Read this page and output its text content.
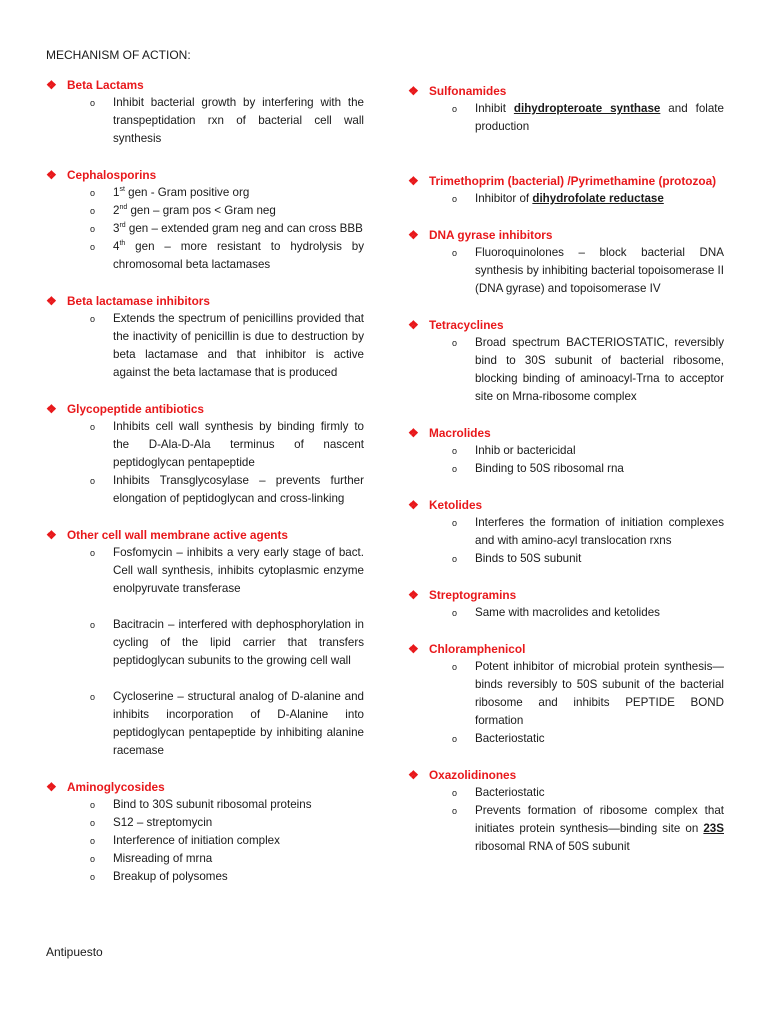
MECHANISM OF ACTION:
❖ Beta Lactams
o	Inhibit bacterial growth by interfering with the transpeptidation rxn of bacterial cell wall synthesis
❖ Cephalosporins
o	1st gen - Gram positive org
o	2nd gen – gram pos < Gram neg
o	3rd gen – extended gram neg and can cross BBB
o	4th gen – more resistant to hydrolysis by chromosomal beta lactamases
❖ Beta lactamase inhibitors
o	Extends the spectrum of penicillins provided that the inactivity of penicillin is due to destruction by beta lactamase and that inhibitor is active against the beta lactamase that is produced
❖ Glycopeptide antibiotics
o	Inhibits cell wall synthesis by binding firmly to the D-Ala-D-Ala terminus of nascent peptidoglycan pentapeptide
o	Inhibits Transglycosylase – prevents further elongation of peptidoglycan and cross-linking
❖ Other cell wall membrane active agents
o	Fosfomycin – inhibits a very early stage of bact. Cell wall synthesis, inhibits cytoplasmic enzyme enolpyruvate transferase
o	Bacitracin – interfered with dephosphorylation in cycling of the lipid carrier that transfers peptidoglycan subunits to the growing cell wall
o	Cycloserine – structural analog of D-alanine and inhibits incorporation of D-Alanine into peptidoglycan pentapeptide by inhibiting alanine racemase
❖ Aminoglycosides
o	Bind to 30S subunit ribosomal proteins
o	S12 – streptomycin
o	Interference of initiation complex
o	Misreading of mrna
o	Breakup of polysomes
❖ Sulfonamides
o	Inhibit dihydropteroate synthase and folate production
❖ Trimethoprim (bacterial) /Pyrimethamine (protozoa)
o	Inhibitor of dihydrofolate reductase
❖ DNA gyrase inhibitors
o	Fluoroquinolones – block bacterial DNA synthesis by inhibiting bacterial topoisomerase II (DNA gyrase) and topoisomerase IV
❖ Tetracyclines
o	Broad spectrum BACTERIOSTATIC, reversibly bind to 30S subunit of bacterial ribosome, blocking binding of aminoacyl-Trna to acceptor site on Mrna-ribosome complex
❖ Macrolides
o	Inhib or bactericidal
o	Binding to 50S ribosomal rna
❖ Ketolides
o	Interferes the formation of initiation complexes and with amino-acyl translocation rxns
o	Binds to 50S subunit
❖ Streptogramins
o	Same with macrolides and ketolides
❖ Chloramphenicol
o	Potent inhibitor of microbial protein synthesis—binds reversibly to 50S subunit of the bacterial ribosome and inhibits PEPTIDE BOND formation
o	Bacteriostatic
❖ Oxazolidinones
o	Bacteriostatic
o	Prevents formation of ribosome complex that initiates protein synthesis—binding site on 23S ribosomal RNA of 50S subunit
Antipuesto
